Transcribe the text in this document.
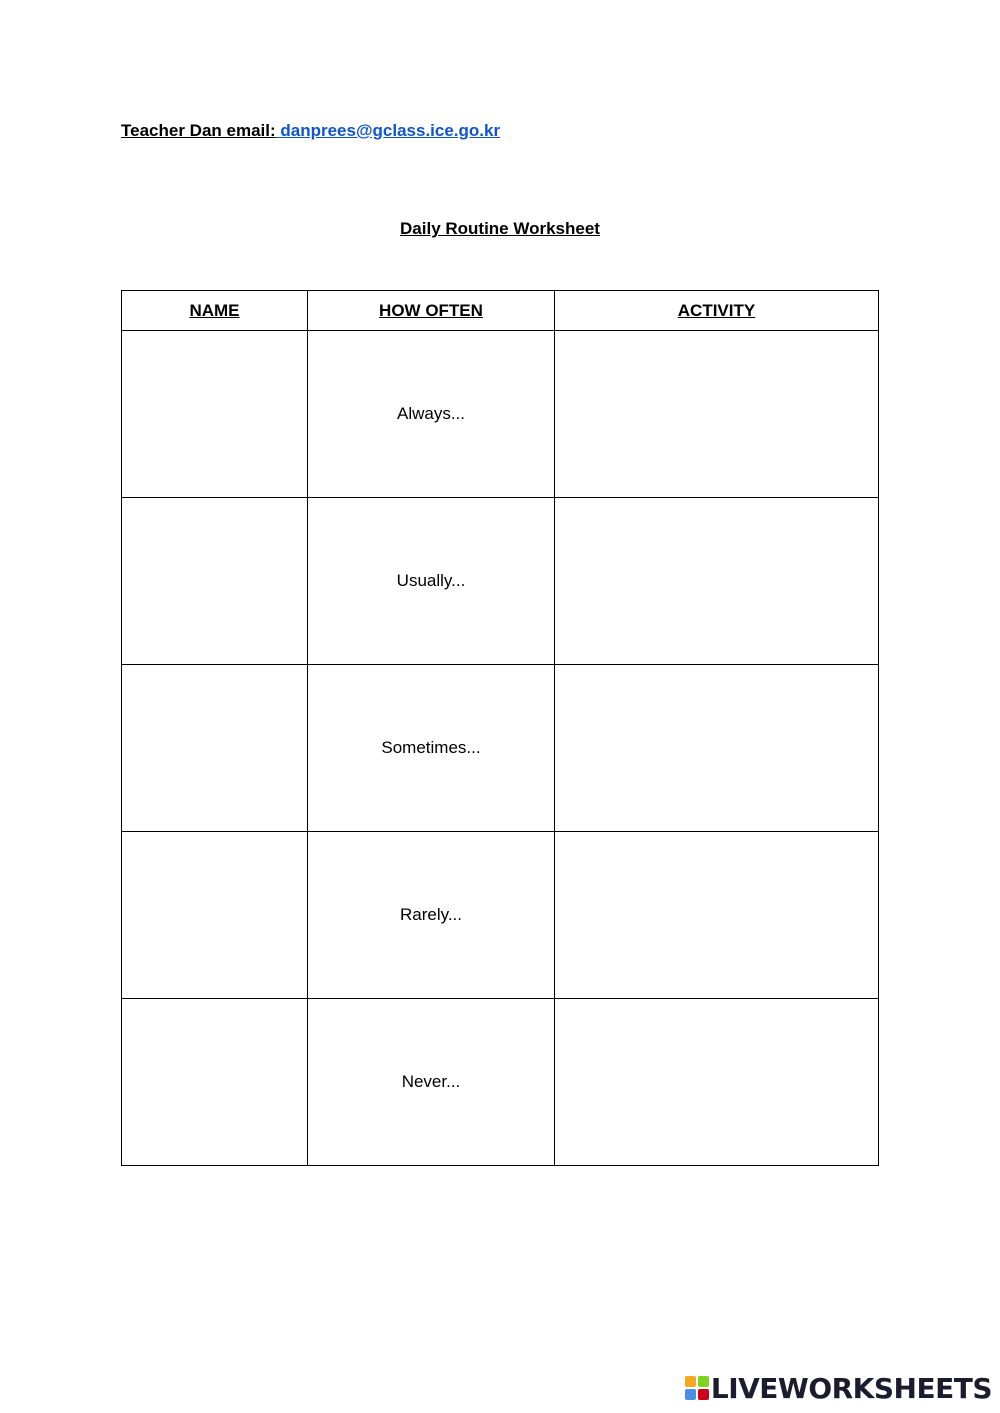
Teacher Dan email: danprees@gclass.ice.go.kr
Daily Routine Worksheet
NAME	HOW OFTEN	ACTIVITY
	Always...	
	Usually...	
	Sometimes...	
	Rarely...	
	Never...	
LIVEWORKSHEETS
